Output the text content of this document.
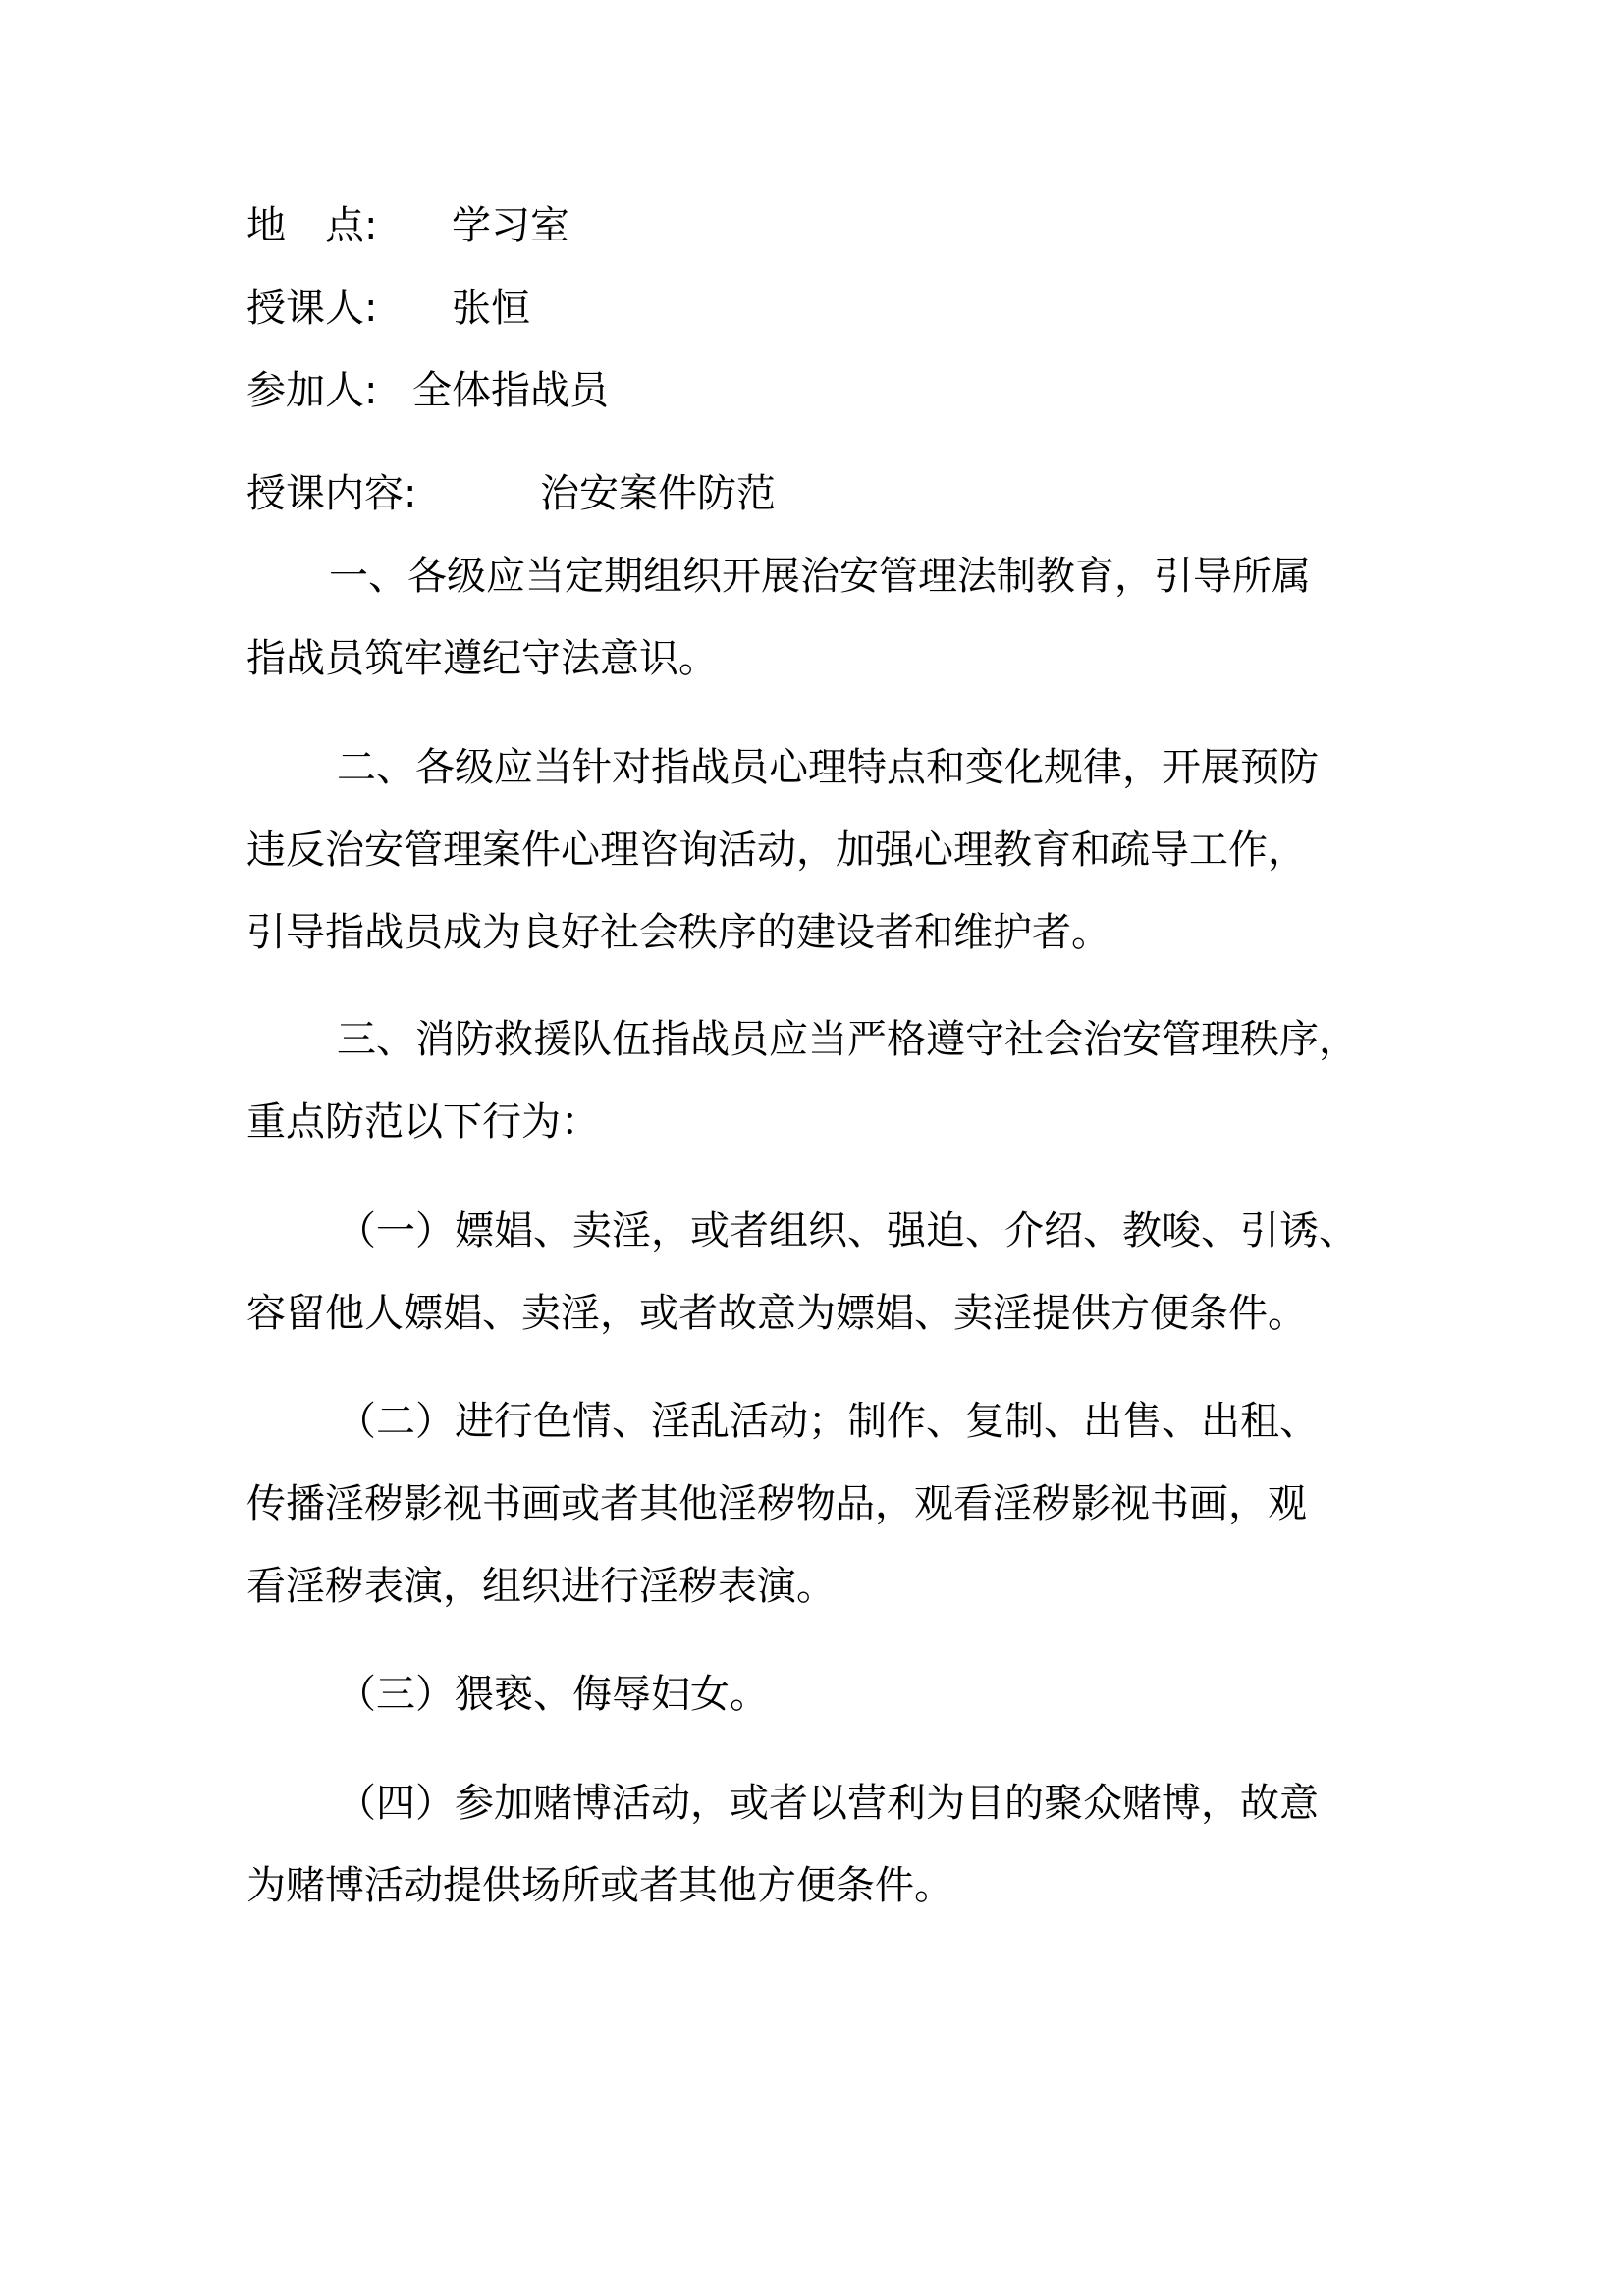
地　点: 学习室
授课人: 张恒
参加人: 全体指战员
授课内容:	治安案件防范
一、各级应当定期组织开展治安管理法制教育，引导所属
指战员筑牢遵纪守法意识。
二、各级应当针对指战员心理特点和变化规律，开展预防
违反治安管理案件心理咨询活动，加强心理教育和疏导工作，
引导指战员成为良好社会秩序的建设者和维护者。
三、消防救援队伍指战员应当严格遵守社会治安管理秩序，
重点防范以下行为：
（一）嫖娼、卖淫，或者组织、强迫、介绍、教唆、引诱、
容留他人嫖娼、卖淫，或者故意为嫖娼、卖淫提供方便条件。
（二）进行色情、淫乱活动；制作、复制、出售、出租、
传播淫秽影视书画或者其他淫秽物品，观看淫秽影视书画，观
看淫秽表演，组织进行淫秽表演。
（三）猥亵、侮辱妇女。
（四）参加赌博活动，或者以营利为目的聚众赌博，故意
为赌博活动提供场所或者其他方便条件。
